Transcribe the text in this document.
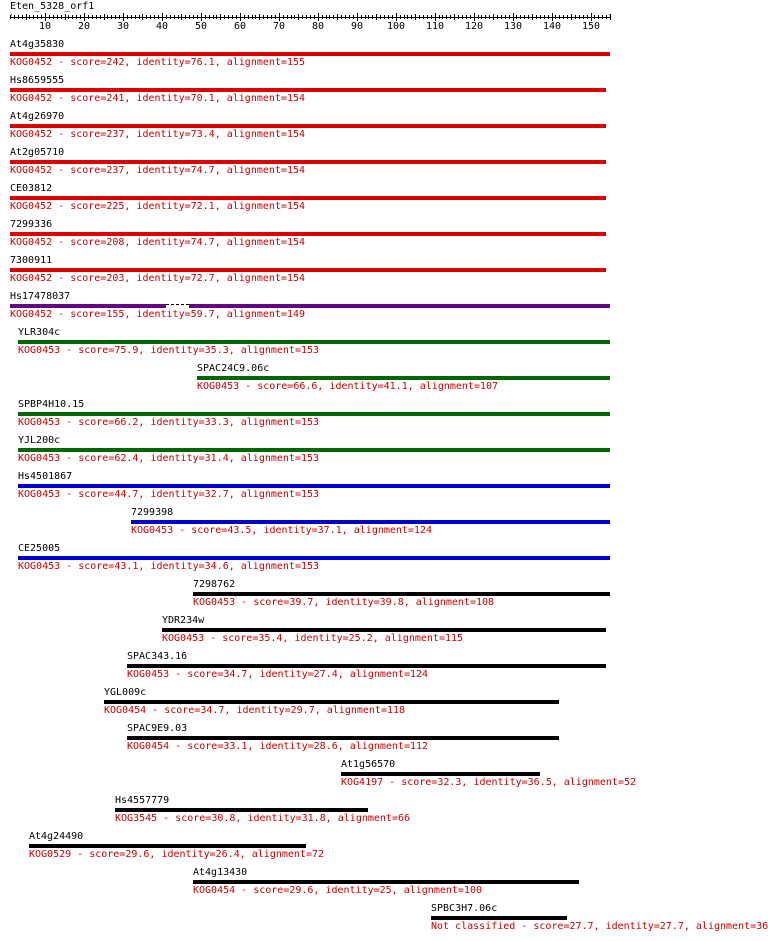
Eten_5328_orf1
‹	›
10	20	30	40	50	60	70	80	90 100 110 120 130 140 150
At4g35830
KOG0452 - score=242, identity=76.1, alignment=155
Hs8659555
KOG0452 - score=241, identity=70.1, alignment=154
At4g26970
KOG0452 - score=237, identity=73.4, alignment=154
At2g05710
KOG0452 - score=237, identity=74.7, alignment=154
CE03812
KOG0452 - score=225, identity=72.1, alignment=154
7299336
KOG0452 - score=208, identity=74.7, alignment=154
7300911
KOG0452 - score=203, identity=72.7, alignment=154
Hs17478037
KOG0452 - score=155, identity=59.7, alignment=149
YLR304c
KOG0453 - score=75.9, identity=35.3, alignment=153
SPAC24C9.06c
KOG0453 - score=66.6, identity=41.1, alignment=107
SPBP4H10.15
KOG0453 - score=66.2, identity=33.3, alignment=153
YJL200c
KOG0453 - score=62.4, identity=31.4, alignment=153
Hs4501867
KOG0453 - score=44.7, identity=32.7, alignment=153
7299398
KOG0453 - score=43.5, identity=37.1, alignment=124
CE25005
KOG0453 - score=43.1, identity=34.6, alignment=153
7298762
KOG0453 - score=39.7, identity=39.8, alignment=108
YDR234w
KOG0453 - score=35.4, identity=25.2, alignment=115
SPAC343.16
KOG0453 - score=34.7, identity=27.4, alignment=124
YGL009c
KOG0454 - score=34.7, identity=29.7, alignment=118
SPAC9E9.03
KOG0454 - score=33.1, identity=28.6, alignment=112
At1g56570
KOG4197 - score=32.3, identity=36.5, alignment=52
Hs4557779
KOG3545 - score=30.8, identity=31.8, alignment=66
At4g24490
KOG0529 - score=29.6, identity=26.4, alignment=72
At4g13430
KOG0454 - score=29.6, identity=25, alignment=100
SPBC3H7.06c
Not classified - score=27.7, identity=27.7, alignment=36
